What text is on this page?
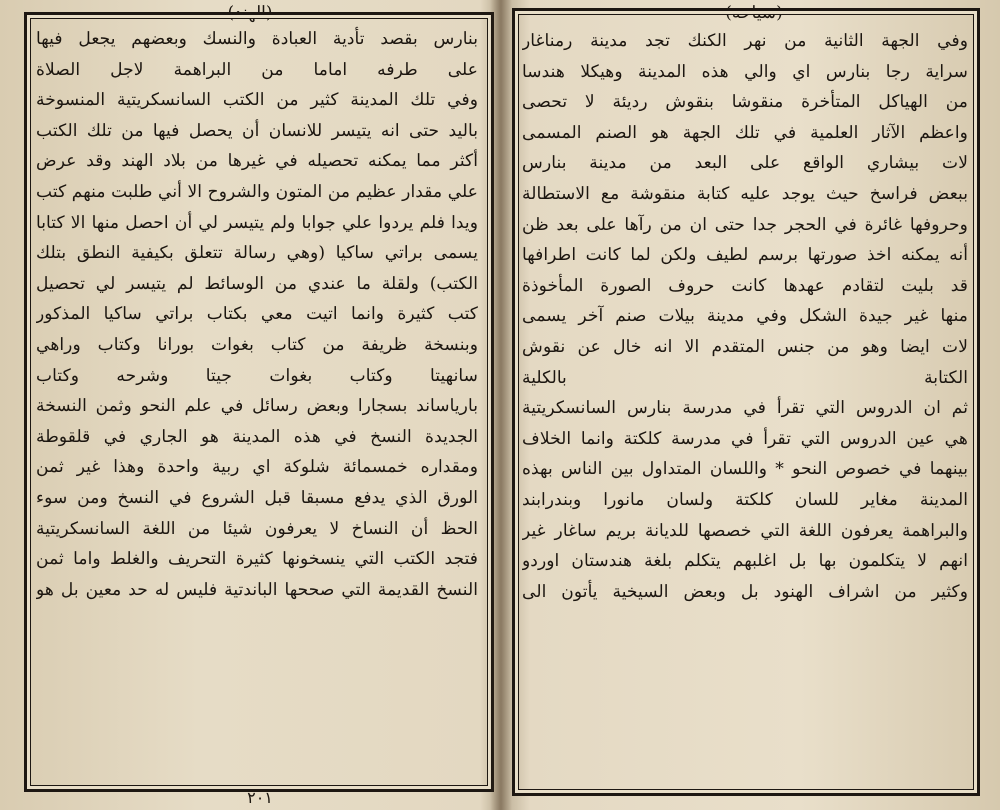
(الهند)
بنارس بقصد تأدية العبادة والنسك وبعضهم يجعل فيها
على طرفه اماما من البراهمة لاجل الصلاة
وفي تلك المدينة كثير من الكتب السانسكريتية المنسوخة
باليد حتى انه يتيسر للانسان أن يحصل فيها من تلك الكتب
أكثر مما يمكنه تحصيله في غيرها من بلاد الهند وقد عرض
علي مقدار عظيم من المتون والشروح الا أني طلبت منهم كتب
ويدا فلم يردوا علي جوابا ولم يتيسر لي أن احصل منها الا كتابا
يسمى براتي ساكيا (وهي رسالة تتعلق بكيفية النطق بتلك
الكتب) ولقلة ما عندي من الوسائط لم يتيسر لي تحصيل
كتب كثيرة وانما اتيت معي بكتاب براتي ساكيا المذكور
وبنسخة ظريفة من كتاب بغوات بورانا وكتاب وراهي
سانهيتا وكتاب بغوات جيتا وشرحه وكتاب
بارياساند بسجارا وبعض رسائل في علم النحو وثمن النسخة
الجديدة النسخ في هذه المدينة هو الجاري في قلقوطة
ومقداره خمسمائة شلوكة اي ربية واحدة وهذا غير ثمن
الورق الذي يدفع مسبقا قبل الشروع في النسخ ومن سوء
الحظ أن النساخ لا يعرفون شيئا من اللغة السانسكريتية
فتجد الكتب التي ينسخونها كثيرة التحريف والغلط واما ثمن
النسخ القديمة التي صححها الباندتية فليس له حد معين بل هو
٢٠١
(سياحة)
وفي الجهة الثانية من نهر الكنك تجد مدينة رمناغار
سراية رجا بنارس اي والي هذه المدينة وهيكلا هندسا
من الهياكل المتأخرة منقوشا بنقوش رديئة لا تحصى
واعظم الآثار العلمية في تلك الجهة هو الصنم المسمى
لات بيشاري الواقع على البعد من مدينة بنارس
ببعض فراسخ حيث يوجد عليه كتابة منقوشة مع الاستطالة
وحروفها غائرة في الحجر جدا حتى ان من رآها على بعد ظن
أنه يمكنه اخذ صورتها برسم لطيف ولكن لما كانت اطرافها
قد بليت لتقادم عهدها كانت حروف الصورة المأخوذة
منها غير جيدة الشكل وفي مدينة بيلات صنم آخر يسمى
لات ايضا وهو من جنس المتقدم الا انه خال عن نقوش
الكتابة بالكلية
ثم ان الدروس التي تقرأ في مدرسة بنارس السانسكريتية
هي عين الدروس التي تقرأ في مدرسة كلكتة وانما الخلاف
بينهما في خصوص النحو * واللسان المتداول بين الناس بهذه
المدينة مغاير للسان كلكتة ولسان مانورا وبندرابند
والبراهمة يعرفون اللغة التي خصصها للديانة بريم ساغار غير
انهم لا يتكلمون بها بل اغلبهم يتكلم بلغة هندستان اوردو
وكثير من اشراف الهنود بل وبعض السيخية يأتون الى
